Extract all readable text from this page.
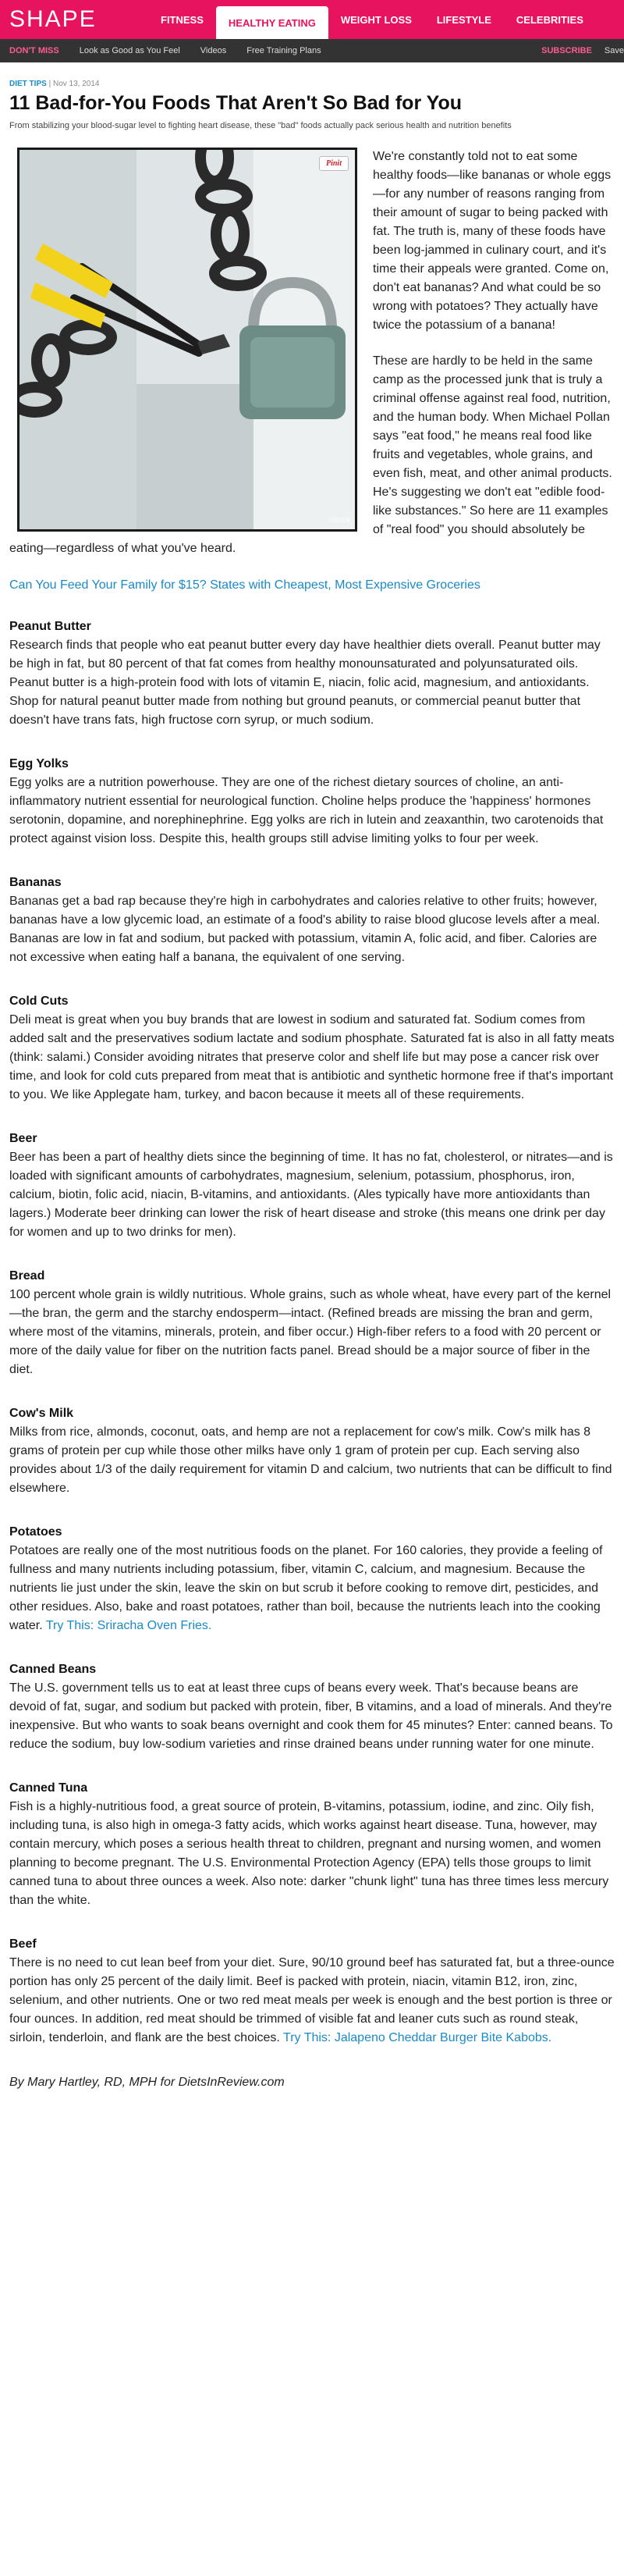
SHAPE	FITNESS	HEALTHY EATING	WEIGHT LOSS	LIFESTYLE	CELEBRITIES
DON'T MISS Look as Good as You Feel Videos Free Training Plans	SUBSCRIBE Save
DIET TIPS | Nov 13, 2014
11 Bad-for-You Foods That Aren't So Bad for You
From stabilizing your blood-sugar level to fighting heart disease, these "bad" foods actually pack serious health and nutrition benefits
Pinit
iStock

We're constantly told not to eat some healthy foods—like bananas or whole eggs—for any number of reasons ranging from their amount of sugar to being packed with fat. The truth is, many of these foods have been log-jammed in culinary court, and it's time their appeals were granted. Come on, don't eat bananas? And what could be so wrong with potatoes? They actually have twice the potassium of a banana!

These are hardly to be held in the same camp as the processed junk that is truly a criminal offense against real food, nutrition, and the human body. When Michael Pollan says "eat food," he means real food like fruits and vegetables, whole grains, and even fish, meat, and other animal products. He's suggesting we don't eat "edible food-like substances." So here are 11 examples of "real food" you should absolutely be eating—regardless of what you've heard.

Can You Feed Your Family for $15? States with Cheapest, Most Expensive Groceries
Peanut Butter

Research finds that people who eat peanut butter every day have healthier diets overall. Peanut butter may be high in fat, but 80 percent of that fat comes from healthy monounsaturated and polyunsaturated oils. Peanut butter is a high-protein food with lots of vitamin E, niacin, folic acid, magnesium, and antioxidants. Shop for natural peanut butter made from nothing but ground peanuts, or commercial peanut butter that doesn't have trans fats, high fructose corn syrup, or much sodium.

Egg Yolks

Egg yolks are a nutrition powerhouse. They are one of the richest dietary sources of choline, an anti-inflammatory nutrient essential for neurological function. Choline helps produce the 'happiness' hormones serotonin, dopamine, and norephinephrine. Egg yolks are rich in lutein and zeaxanthin, two carotenoids that protect against vision loss. Despite this, health groups still advise limiting yolks to four per week.

Bananas

Bananas get a bad rap because they're high in carbohydrates and calories relative to other fruits; however, bananas have a low glycemic load, an estimate of a food's ability to raise blood glucose levels after a meal. Bananas are low in fat and sodium, but packed with potassium, vitamin A, folic acid, and fiber. Calories are not excessive when eating half a banana, the equivalent of one serving.

Cold Cuts

Deli meat is great when you buy brands that are lowest in sodium and saturated fat. Sodium comes from added salt and the preservatives sodium lactate and sodium phosphate. Saturated fat is also in all fatty meats (think: salami.) Consider avoiding nitrates that preserve color and shelf life but may pose a cancer risk over time, and look for cold cuts prepared from meat that is antibiotic and synthetic hormone free if that's important to you. We like Applegate ham, turkey, and bacon because it meets all of these requirements.

Beer

Beer has been a part of healthy diets since the beginning of time. It has no fat, cholesterol, or nitrates—and is loaded with significant amounts of carbohydrates, magnesium, selenium, potassium, phosphorus, iron, calcium, biotin, folic acid, niacin, B-vitamins, and antioxidants. (Ales typically have more antioxidants than lagers.) Moderate beer drinking can lower the risk of heart disease and stroke (this means one drink per day for women and up to two drinks for men).

Bread

100 percent whole grain is wildly nutritious. Whole grains, such as whole wheat, have every part of the kernel—the bran, the germ and the starchy endosperm—intact. (Refined breads are missing the bran and germ, where most of the vitamins, minerals, protein, and fiber occur.) High-fiber refers to a food with 20 percent or more of the daily value for fiber on the nutrition facts panel. Bread should be a major source of fiber in the diet.

Cow's Milk

Milks from rice, almonds, coconut, oats, and hemp are not a replacement for cow's milk. Cow's milk has 8 grams of protein per cup while those other milks have only 1 gram of protein per cup. Each serving also provides about 1/3 of the daily requirement for vitamin D and calcium, two nutrients that can be difficult to find elsewhere.

Potatoes

Potatoes are really one of the most nutritious foods on the planet. For 160 calories, they provide a feeling of fullness and many nutrients including potassium, fiber, vitamin C, calcium, and magnesium. Because the nutrients lie just under the skin, leave the skin on but scrub it before cooking to remove dirt, pesticides, and other residues. Also, bake and roast potatoes, rather than boil, because the nutrients leach into the cooking water. Try This: Sriracha Oven Fries.

Canned Beans

The U.S. government tells us to eat at least three cups of beans every week. That's because beans are devoid of fat, sugar, and sodium but packed with protein, fiber, B vitamins, and a load of minerals. And they're inexpensive. But who wants to soak beans overnight and cook them for 45 minutes? Enter: canned beans. To reduce the sodium, buy low-sodium varieties and rinse drained beans under running water for one minute.

Canned Tuna

Fish is a highly-nutritious food, a great source of protein, B-vitamins, potassium, iodine, and zinc. Oily fish, including tuna, is also high in omega-3 fatty acids, which works against heart disease. Tuna, however, may contain mercury, which poses a serious health threat to children, pregnant and nursing women, and women planning to become pregnant. The U.S. Environmental Protection Agency (EPA) tells those groups to limit canned tuna to about three ounces a week. Also note: darker "chunk light" tuna has three times less mercury than the white.

Beef

There is no need to cut lean beef from your diet. Sure, 90/10 ground beef has saturated fat, but a three-ounce portion has only 25 percent of the daily limit. Beef is packed with protein, niacin, vitamin B12, iron, zinc, selenium, and other nutrients. One or two red meat meals per week is enough and the best portion is three or four ounces. In addition, red meat should be trimmed of visible fat and leaner cuts such as round steak, sirloin, tenderloin, and flank are the best choices. Try This: Jalapeno Cheddar Burger Bite Kabobs.

By Mary Hartley, RD, MPH for DietsInReview.com
